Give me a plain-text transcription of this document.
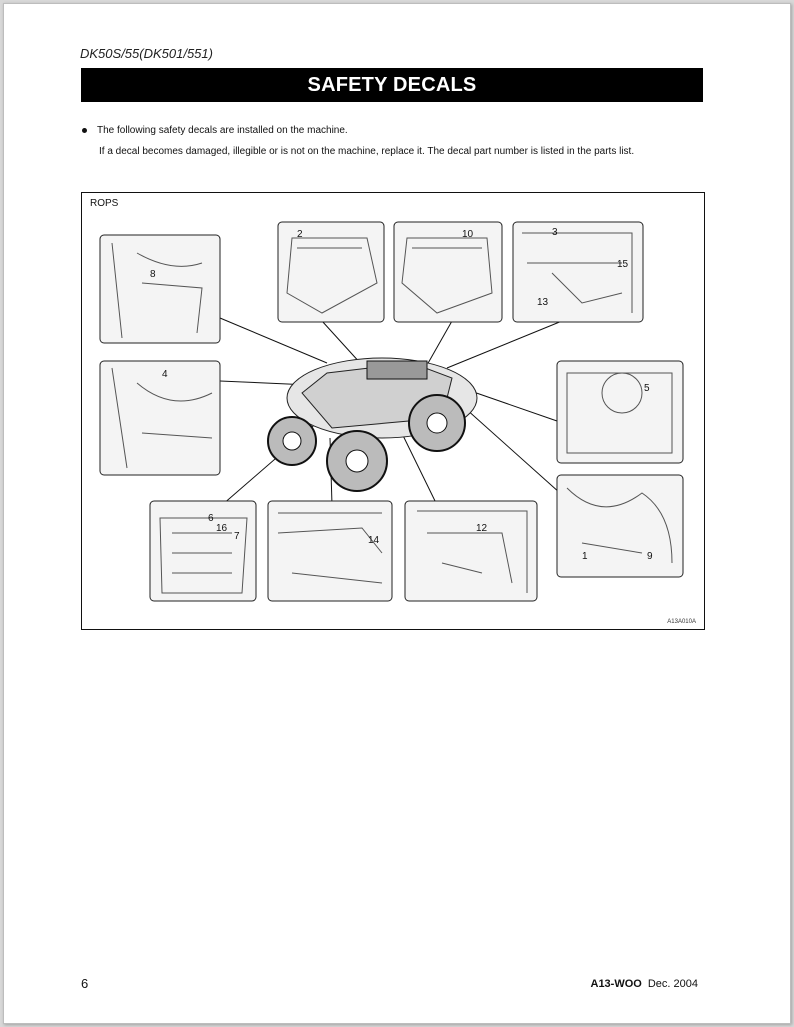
DK50S/55(DK501/551)
SAFETY DECALS
The following safety decals are installed on the machine.
If a decal becomes damaged, illegible or is not on the machine, replace it. The decal part number is listed in the parts list.
8
2	10	3
15
13
4
5
6
16
7	14
12
1	9
ROPS
A13A010A
6	A13-WOO Dec. 2004
